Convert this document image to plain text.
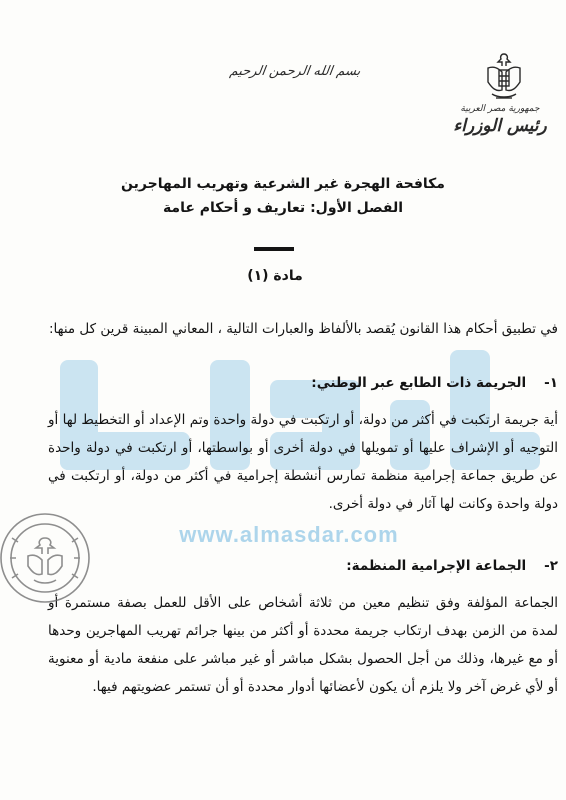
بسم الله الرحمن الرحيم
جمهورية مصر العربية
رئيس الوزراء
مكافحة الهجرة غير الشرعية وتهريب المهاجرين
الفصل الأول: تعاريف و أحكام عامة
مادة (١)
في تطبيق أحكام هذا القانون يُقصد بالألفاظ والعبارات التالية ، المعاني المبينة قرين كل منها:
١-الجريمة ذات الطابع عبر الوطني:
أية جريمة ارتكبت في أكثر من دولة، أو ارتكبت في دولة واحدة وتم الإعداد أو التخطيط لها أو التوجيه أو الإشراف عليها أو تمويلها في دولة أخرى أو بواسطتها، أو ارتكبت في دولة واحدة عن طريق جماعة إجرامية منظمة تمارس أنشطة إجرامية في أكثر من دولة، أو ارتكبت في دولة واحدة وكانت لها آثار في دولة أخرى.
٢-الجماعة الإجرامية المنظمة:
الجماعة المؤلفة وفق تنظيم معين من ثلاثة أشخاص على الأقل للعمل بصفة مستمرة أو لمدة من الزمن بهدف ارتكاب جريمة محددة أو أكثر من بينها جرائم تهريب المهاجرين وحدها أو مع غيرها، وذلك من أجل الحصول بشكل مباشر أو غير مباشر على منفعة مادية أو معنوية أو لأي غرض آخر ولا يلزم أن يكون لأعضائها أدوار محددة أو أن تستمر عضويتهم فيها.
www.almasdar.com
